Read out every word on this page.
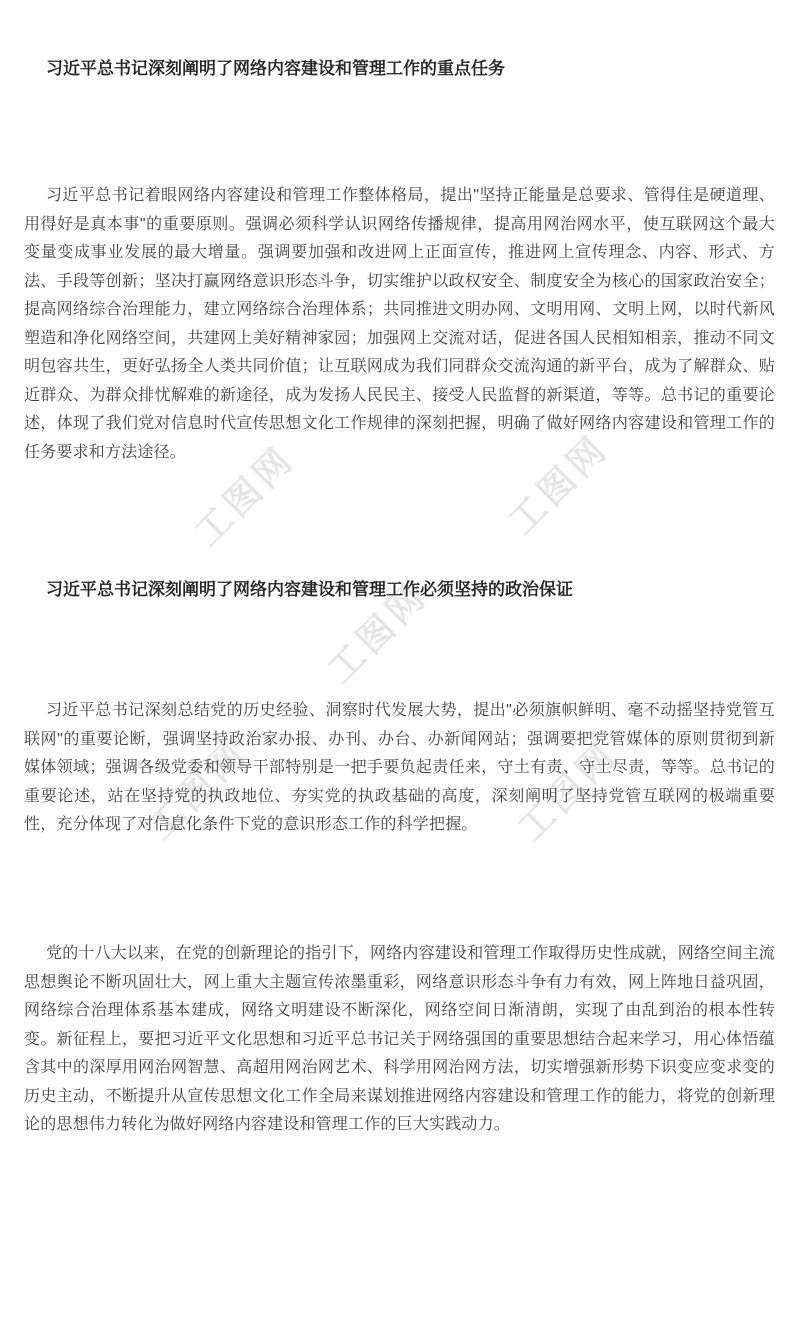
工图网	工图网
工图网
工图网	工图网
习近平总书记深刻阐明了网络内容建设和管理工作的重点任务

习近平总书记着眼网络内容建设和管理工作整体格局，提出"坚持正能量是总要求、管得住是硬道理、用得好是真本事"的重要原则。强调必须科学认识网络传播规律，提高用网治网水平，使互联网这个最大变量变成事业发展的最大增量。强调要加强和改进网上正面宣传，推进网上宣传理念、内容、形式、方法、手段等创新；坚决打赢网络意识形态斗争，切实维护以政权安全、制度安全为核心的国家政治安全；提高网络综合治理能力，建立网络综合治理体系；共同推进文明办网、文明用网、文明上网，以时代新风塑造和净化网络空间，共建网上美好精神家园；加强网上交流对话，促进各国人民相知相亲，推动不同文明包容共生，更好弘扬全人类共同价值；让互联网成为我们同群众交流沟通的新平台，成为了解群众、贴近群众、为群众排忧解难的新途径，成为发扬人民民主、接受人民监督的新渠道，等等。总书记的重要论述，体现了我们党对信息时代宣传思想文化工作规律的深刻把握，明确了做好网络内容建设和管理工作的任务要求和方法途径。

习近平总书记深刻阐明了网络内容建设和管理工作必须坚持的政治保证

习近平总书记深刻总结党的历史经验、洞察时代发展大势，提出"必须旗帜鲜明、毫不动摇坚持党管互联网"的重要论断，强调坚持政治家办报、办刊、办台、办新闻网站；强调要把党管媒体的原则贯彻到新媒体领域；强调各级党委和领导干部特别是一把手要负起责任来，守土有责、守土尽责，等等。总书记的重要论述，站在坚持党的执政地位、夯实党的执政基础的高度，深刻阐明了坚持党管互联网的极端重要性，充分体现了对信息化条件下党的意识形态工作的科学把握。

党的十八大以来，在党的创新理论的指引下，网络内容建设和管理工作取得历史性成就，网络空间主流思想舆论不断巩固壮大，网上重大主题宣传浓墨重彩，网络意识形态斗争有力有效，网上阵地日益巩固，网络综合治理体系基本建成，网络文明建设不断深化，网络空间日渐清朗，实现了由乱到治的根本性转变。新征程上，要把习近平文化思想和习近平总书记关于网络强国的重要思想结合起来学习，用心体悟蕴含其中的深厚用网治网智慧、高超用网治网艺术、科学用网治网方法，切实增强新形势下识变应变求变的历史主动，不断提升从宣传思想文化工作全局来谋划推进网络内容建设和管理工作的能力，将党的创新理论的思想伟力转化为做好网络内容建设和管理工作的巨大实践动力。
